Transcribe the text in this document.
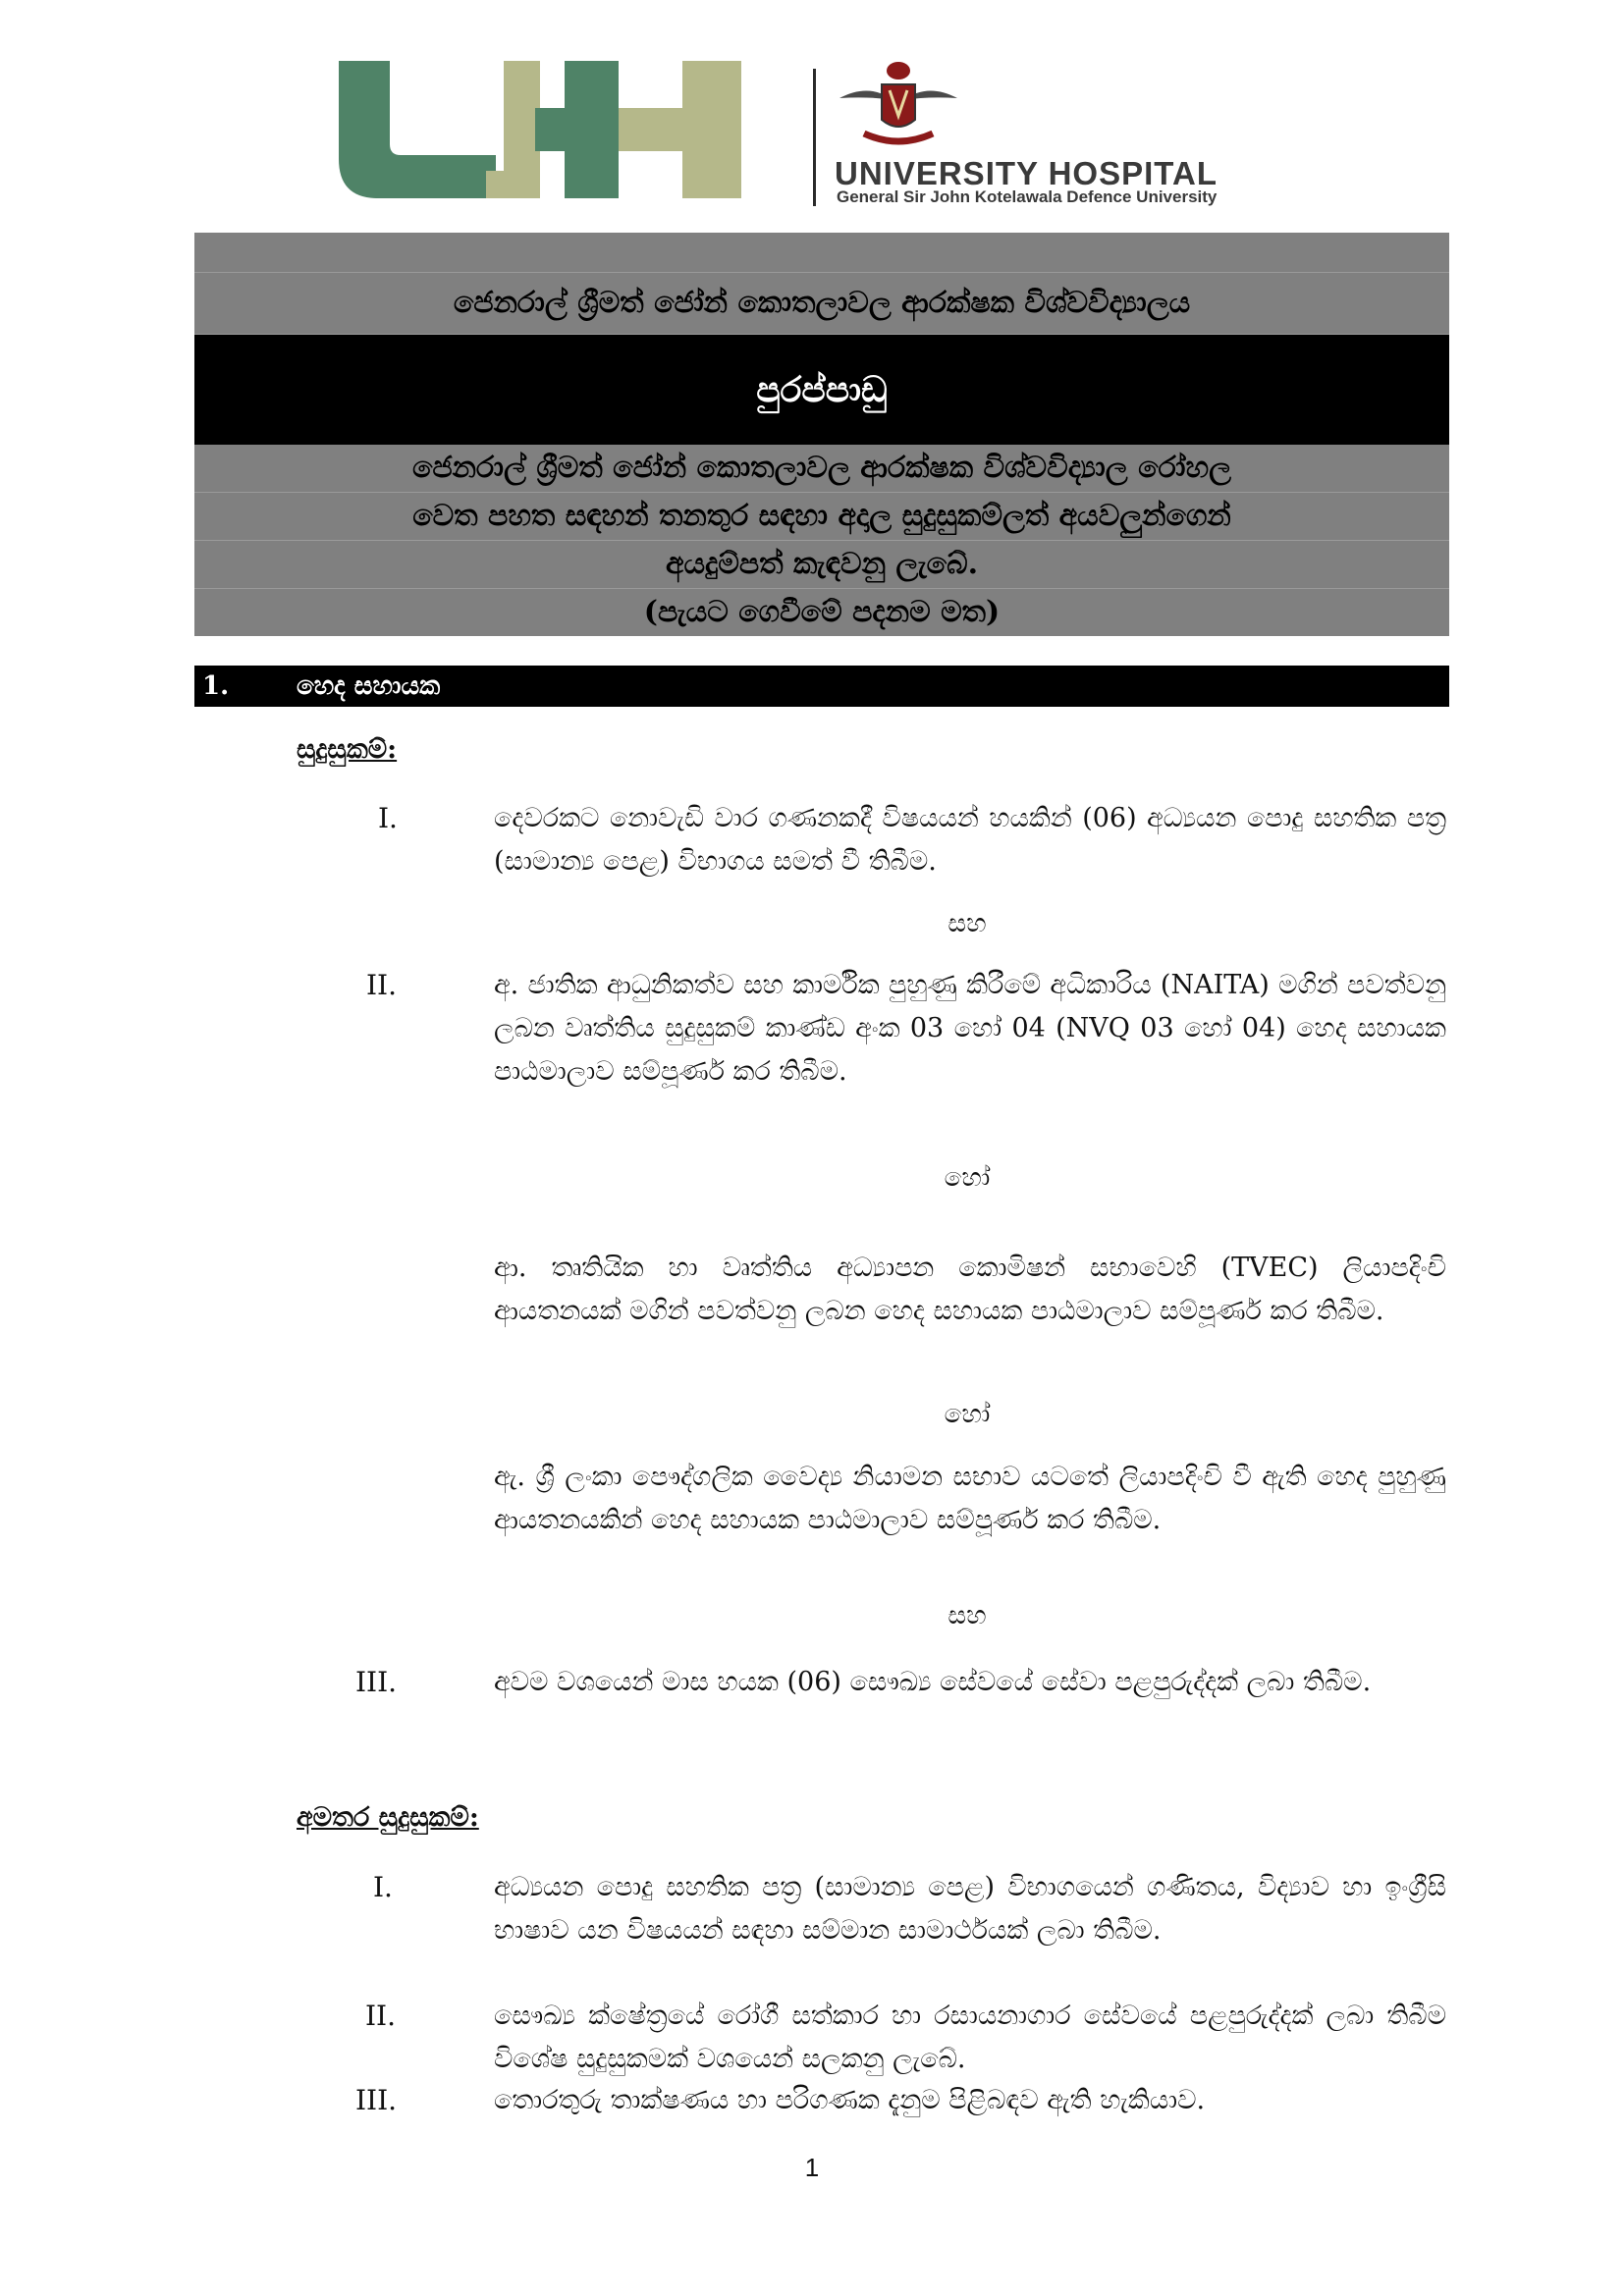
UNIVERSITY HOSPITAL
General Sir John Kotelawala Defence University
ජෙනරාල් ශ්‍රීමත් ජෝන් කොතලාවල ආරක්ෂක විශ්වවිද්‍යාලය
පුරප්පාඩු
ජෙනරාල් ශ්‍රීමත් ජෝන් කොතලාවල ආරක්ෂක විශ්වවිද්‍යාල රෝහල
වෙත පහත සඳහන් තනතුර සඳහා අදාල සුදුසුකම්ලත් අයවලුන්ගෙන්
අයදුම්පත් කැඳවනු ලැබේ.
(පැයට ගෙවීමේ පදනම මත)
1.	හෙද සහායක
සුදුසුකම්:
I.	දෙවරකට නොවැඩි වාර ගණනකදී විෂයයන් හයකින් (06) අධ්‍යයන පොදු සහතික පත්‍ර (සාමාන්‍ය පෙළ) විභාගය සමත් වී තිබීම.
සහ
II.	අ. ජාතික ආධුනිකත්ව සහ කාර්මික පුහුණු කිරීමේ අධිකාරිය (NAITA) මගින් පවත්වනු ලබන වෘත්තිය සුදුසුකම් කාණ්ඩ අංක 03 හෝ 04 (NVQ 03 හෝ 04) හෙද සහායක පාඨමාලාව සම්පූර්ණ කර තිබීම.
හෝ
ආ. තෘතියික හා වෘත්තිය අධ්‍යාපන කොමිෂන් සභාවෙහි (TVEC) ලියාපදිංචි ආයතනයක් මගින් පවත්වනු ලබන හෙද සහායක පාඨමාලාව සම්පූර්ණ කර තිබීම.
හෝ
ඇ. ශ්‍රී ලංකා පෞද්ගලික වෛද්‍ය නියාමන සභාව යටතේ ලියාපදිංචි වී ඇති හෙද පුහුණු ආයතනයකින් හෙද සහායක පාඨමාලාව සම්පූර්ණ කර තිබීම.
සහ
III.	අවම වශයෙන් මාස හයක (06) සෞඛ්‍ය සේවයේ සේවා පළපුරුද්දක් ලබා තිබීම.
අමතර සුදුසුකම්:
I.	අධ්‍යයන පොදු සහතික පත්‍ර (සාමාන්‍ය පෙළ) විභාගයෙන් ගණිතය, විද්‍යාව හා ඉංග්‍රීසි භාෂාව යන විෂයයන් සඳහා සම්මාන සාමාර්ථයක් ලබා තිබීම.
II.	සෞඛ්‍ය ක්ෂේත්‍රයේ රෝගී සත්කාර හා රසායනාගාර සේවයේ පළපුරුද්දක් ලබා තිබීම විශේෂ සුදුසුකමක් වශයෙන් සලකනු ලැබේ.
III.	තොරතුරු තාක්ෂණය හා පරිගණක දැනුම පිළිබඳව ඇති හැකියාව.
1
